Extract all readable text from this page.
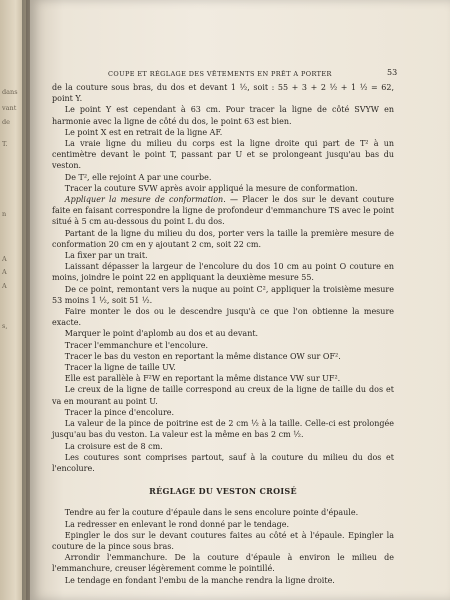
dans
vant
de
T.
n
A
A
A
s,
COUPE ET RÉGLAGE DES VÊTEMENTS EN PRÊT A PORTER	53

de la couture sous bras, du dos et devant 1 ½, soit : 55 + 3 + 2 ½ + 1 ½ = 62, point Y.

Le point Y est cependant à 63 cm. Pour tracer la ligne de côté SVYW en harmonie avec la ligne de côté du dos, le point 63 est bien.

Le point X est en retrait de la ligne AF.

La vraie ligne du milieu du corps est la ligne droite qui part de T² à un centimètre devant le point T, passant par U et se prolongeant jusqu'au bas du veston.

De T², elle rejoint A par une courbe.

Tracer la couture SVW après avoir appliqué la mesure de conformation.

Appliquer la mesure de conformation. — Placer le dos sur le devant couture faite en faisant correspondre la ligne de profondeur d'emmanchure TS avec le point situé à 5 cm au-dessous du point L du dos.

Partant de la ligne du milieu du dos, porter vers la taille la première mesure de conformation 20 cm en y ajoutant 2 cm, soit 22 cm.

La fixer par un trait.

Laissant dépasser la largeur de l'encolure du dos 10 cm au point O couture en moins, joindre le point 22 en appliquant la deuxième mesure 55.

De ce point, remontant vers la nuque au point C², appliquer la troisième mesure 53 moins 1 ½, soit 51 ½.

Faire monter le dos ou le descendre jusqu'à ce que l'on obtienne la mesure exacte.

Marquer le point d'aplomb au dos et au devant.

Tracer l'emmanchure et l'encolure.

Tracer le bas du veston en reportant la même distance OW sur OF².

Tracer la ligne de taille UV.

Elle est parallèle à F²W en reportant la même distance VW sur UF².

Le creux de la ligne de taille correspond au creux de la ligne de taille du dos et va en mourant au point U.

Tracer la pince d'encolure.

La valeur de la pince de poitrine est de 2 cm ½ à la taille. Celle-ci est prolongée jusqu'au bas du veston. La valeur est la même en bas 2 cm ½.

La croisure est de 8 cm.

Les coutures sont comprises partout, sauf à la couture du milieu du dos et l'encolure.

RÉGLAGE DU VESTON CROISÉ

Tendre au fer la couture d'épaule dans le sens encolure pointe d'épaule.

La redresser en enlevant le rond donné par le tendage.

Epingler le dos sur le devant coutures faites au côté et à l'épaule. Epingler la couture de la pince sous bras.

Arrondir l'emmanchure. De la couture d'épaule à environ le milieu de l'emmanchure, creuser légèrement comme le pointillé.

Le tendage en fondant l'embu de la manche rendra la ligne droite.
